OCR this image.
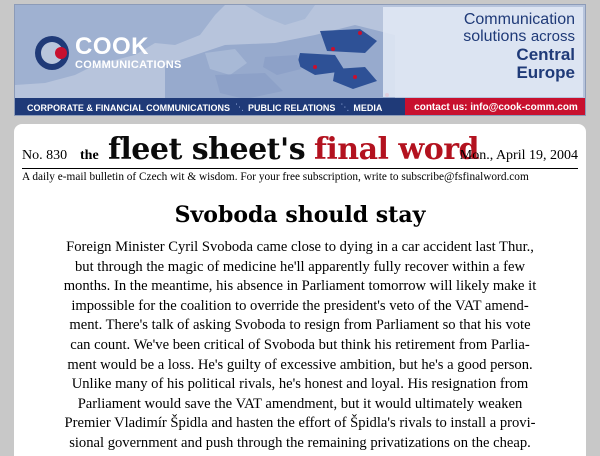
COOK
COMMUNICATIONS
Communication
solutions across
Central
Europe
CORPORATE & FINANCIAL COMMUNICATIONS ⋱ PUBLIC RELATIONS ⋱ MEDIA	contact us: info@cook-comm.com
No. 830 the fleet sheet's final word
Mon., April 19, 2004
A daily e-mail bulletin of Czech wit & wisdom. For your free subscription, write to subscribe@fsfinalword.com
Svoboda should stay

Foreign Minister Cyril Svoboda came close to dying in a car accident last Thur.,

but through the magic of medicine he'll apparently fully recover within a few

months. In the meantime, his absence in Parliament tomorrow will likely make it

impossible for the coalition to override the president's veto of the VAT amend-

ment. There's talk of asking Svoboda to resign from Parliament so that his vote

can count. We've been critical of Svoboda but think his retirement from Parlia-

ment would be a loss. He's guilty of excessive ambition, but he's a good person.

Unlike many of his political rivals, he's honest and loyal. His resignation from

Parliament would save the VAT amendment, but it would ultimately weaken

Premier Vladimír Špidla and hasten the effort of Špidla's rivals to install a provi-

sional government and push through the remaining privatizations on the cheap.
